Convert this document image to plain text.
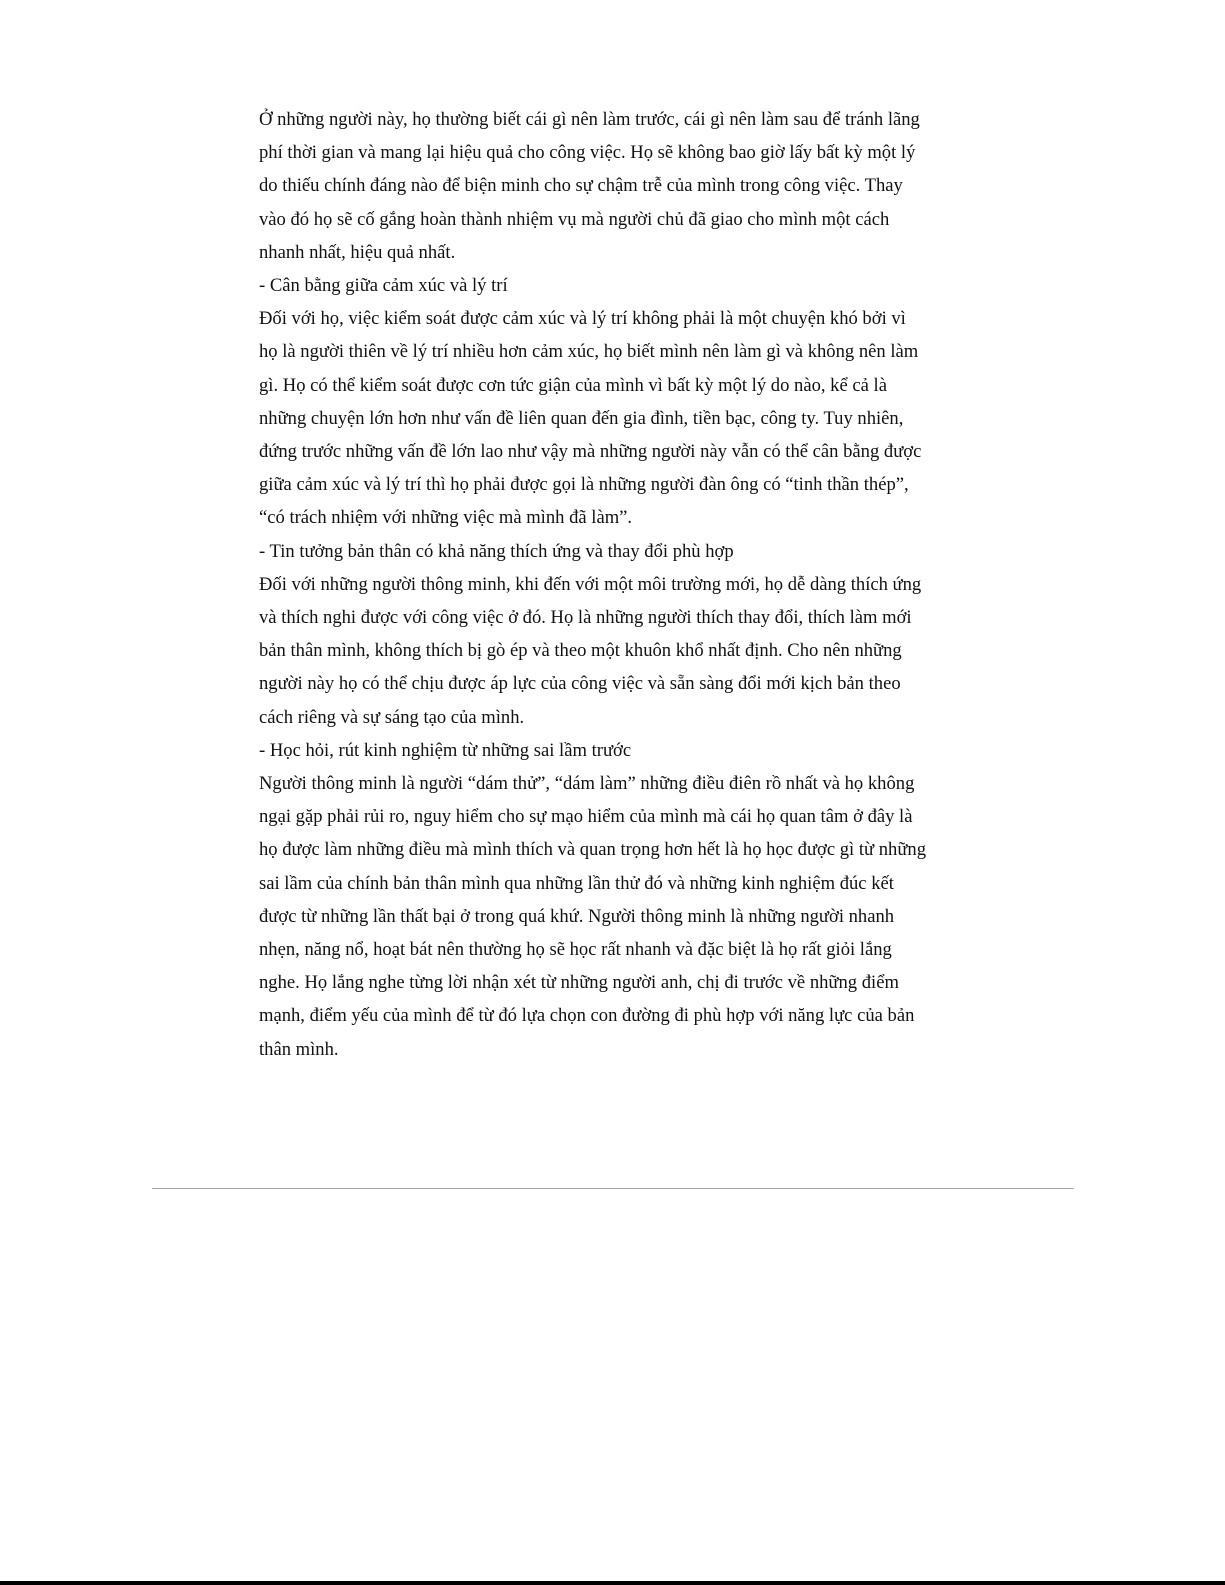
Ở những người này, họ thường biết cái gì nên làm trước, cái gì nên làm sau để tránh lãng
phí thời gian và mang lại hiệu quả cho công việc. Họ sẽ không bao giờ lấy bất kỳ một lý
do thiếu chính đáng nào để biện minh cho sự chậm trễ của mình trong công việc. Thay
vào đó họ sẽ cố gắng hoàn thành nhiệm vụ mà người chủ đã giao cho mình một cách
nhanh nhất, hiệu quả nhất.
- Cân bằng giữa cảm xúc và lý trí
Đối với họ, việc kiểm soát được cảm xúc và lý trí không phải là một chuyện khó bởi vì
họ là người thiên về lý trí nhiều hơn cảm xúc, họ biết mình nên làm gì và không nên làm
gì. Họ có thể kiểm soát được cơn tức giận của mình vì bất kỳ một lý do nào, kể cả là
những chuyện lớn hơn như vấn đề liên quan đến gia đình, tiền bạc, công ty. Tuy nhiên,
đứng trước những vấn đề lớn lao như vậy mà những người này vẫn có thể cân bằng được
giữa cảm xúc và lý trí thì họ phải được gọi là những người đàn ông có “tinh thần thép”,
“có trách nhiệm với những việc mà mình đã làm”.
- Tin tưởng bản thân có khả năng thích ứng và thay đổi phù hợp
Đối với những người thông minh, khi đến với một môi trường mới, họ dễ dàng thích ứng
và thích nghi được với công việc ở đó. Họ là những người thích thay đổi, thích làm mới
bản thân mình, không thích bị gò ép và theo một khuôn khổ nhất định. Cho nên những
người này họ có thể chịu được áp lực của công việc và sẵn sàng đổi mới kịch bản theo
cách riêng và sự sáng tạo của mình.
- Học hỏi, rút kinh nghiệm từ những sai lầm trước
Người thông minh là người “dám thử”, “dám làm” những điều điên rồ nhất và họ không
ngại gặp phải rủi ro, nguy hiểm cho sự mạo hiểm của mình mà cái họ quan tâm ở đây là
họ được làm những điều mà mình thích và quan trọng hơn hết là họ học được gì từ những
sai lầm của chính bản thân mình qua những lần thử đó và những kinh nghiệm đúc kết
được từ những lần thất bại ở trong quá khứ. Người thông minh là những người nhanh
nhẹn, năng nổ, hoạt bát nên thường họ sẽ học rất nhanh và đặc biệt là họ rất giỏi lắng
nghe. Họ lắng nghe từng lời nhận xét từ những người anh, chị đi trước về những điểm
mạnh, điểm yếu của mình để từ đó lựa chọn con đường đi phù hợp với năng lực của bản
thân mình.
